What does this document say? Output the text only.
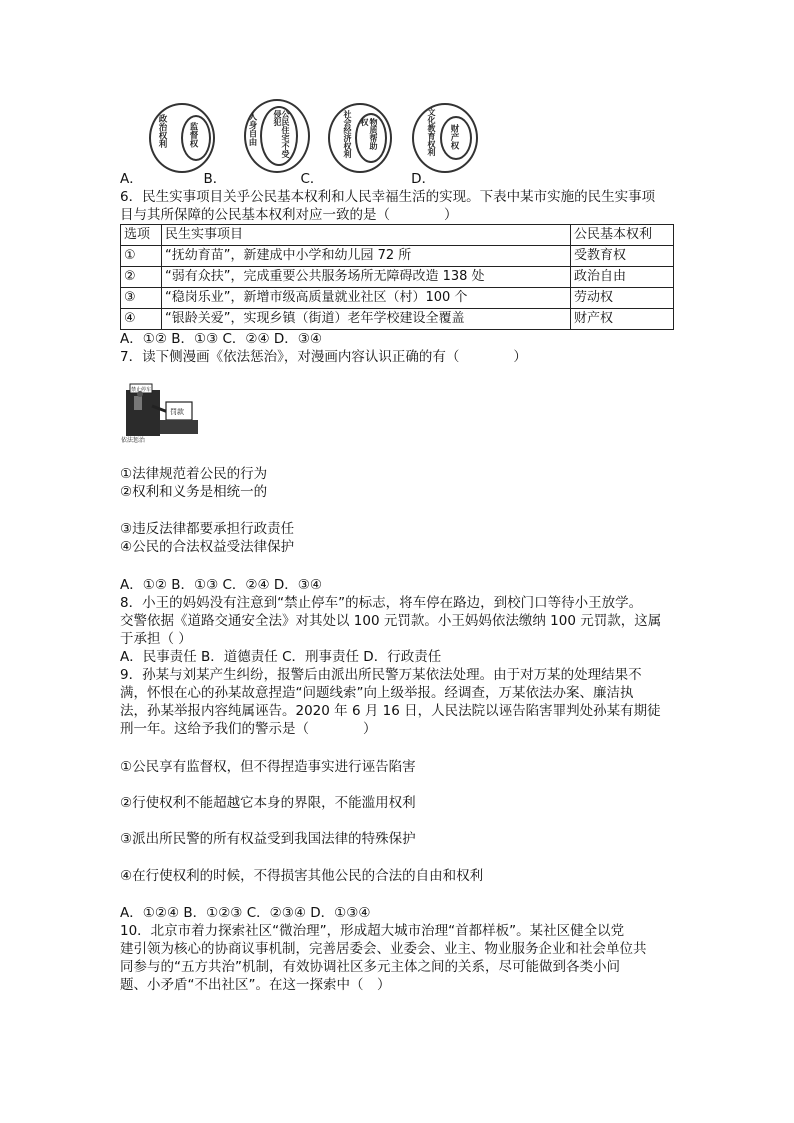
政治权利 监督权	人身自由	公民住宅不受侵犯	社会经济权利	物质帮助权	文化教育权利 财产权
A．　　　　　B．　　　　　　C．　　　　　　　D．
6．民生实事项目关乎公民基本权利和人民幸福生活的实现。下表中某市实施的民生实事项
目与其所保障的公民基本权利对应一致的是（　　　　）
选项	民生实事项目	公民基本权利
①	“抚幼育苗”，新建成中小学和幼儿园 72 所	受教育权
②	“弱有众扶”，完成重要公共服务场所无障碍改造 138 处	政治自由
③	“稳岗乐业”，新增市级高质量就业社区（村）100 个	劳动权
④	“银龄关爱”，实现乡镇（街道）老年学校建设全覆盖	财产权
A．①② B．①③ C．②④ D．③④
7．读下侧漫画《依法惩治》，对漫画内容认识正确的有（　　　　）
依法惩治
罚款
禁止停车
①法律规范着公民的行为
②权利和义务是相统一的
③违反法律都要承担行政责任
④公民的合法权益受法律保护
A．①② B．①③ C．②④ D．③④
8．小王的妈妈没有注意到“禁止停车”的标志，将车停在路边，到校门口等待小王放学。
交警依据《道路交通安全法》对其处以 100 元罚款。小王妈妈依法缴纳 100 元罚款，这属
于承担（ ）
A．民事责任 B．道德责任 C．刑事责任 D．行政责任
9．孙某与刘某产生纠纷，报警后由派出所民警万某依法处理。由于对万某的处理结果不
满，怀恨在心的孙某故意捏造“问题线索”向上级举报。经调查，万某依法办案、廉洁执
法，孙某举报内容纯属诬告。2020 年 6 月 16 日，人民法院以诬告陷害罪判处孙某有期徒
刑一年。这给予我们的警示是（　　　　）
①公民享有监督权，但不得捏造事实进行诬告陷害
②行使权利不能超越它本身的界限，不能滥用权利
③派出所民警的所有权益受到我国法律的特殊保护
④在行使权利的时候，不得损害其他公民的合法的自由和权利
A．①②④ B．①②③ C．②③④ D．①③④
10．北京市着力探索社区“微治理”，形成超大城市治理“首都样板”。某社区健全以党
建引领为核心的协商议事机制，完善居委会、业委会、业主、物业服务企业和社会单位共
同参与的“五方共治”机制，有效协调社区多元主体之间的关系，尽可能做到各类小问
题、小矛盾“不出社区”。在这一探索中（　）
